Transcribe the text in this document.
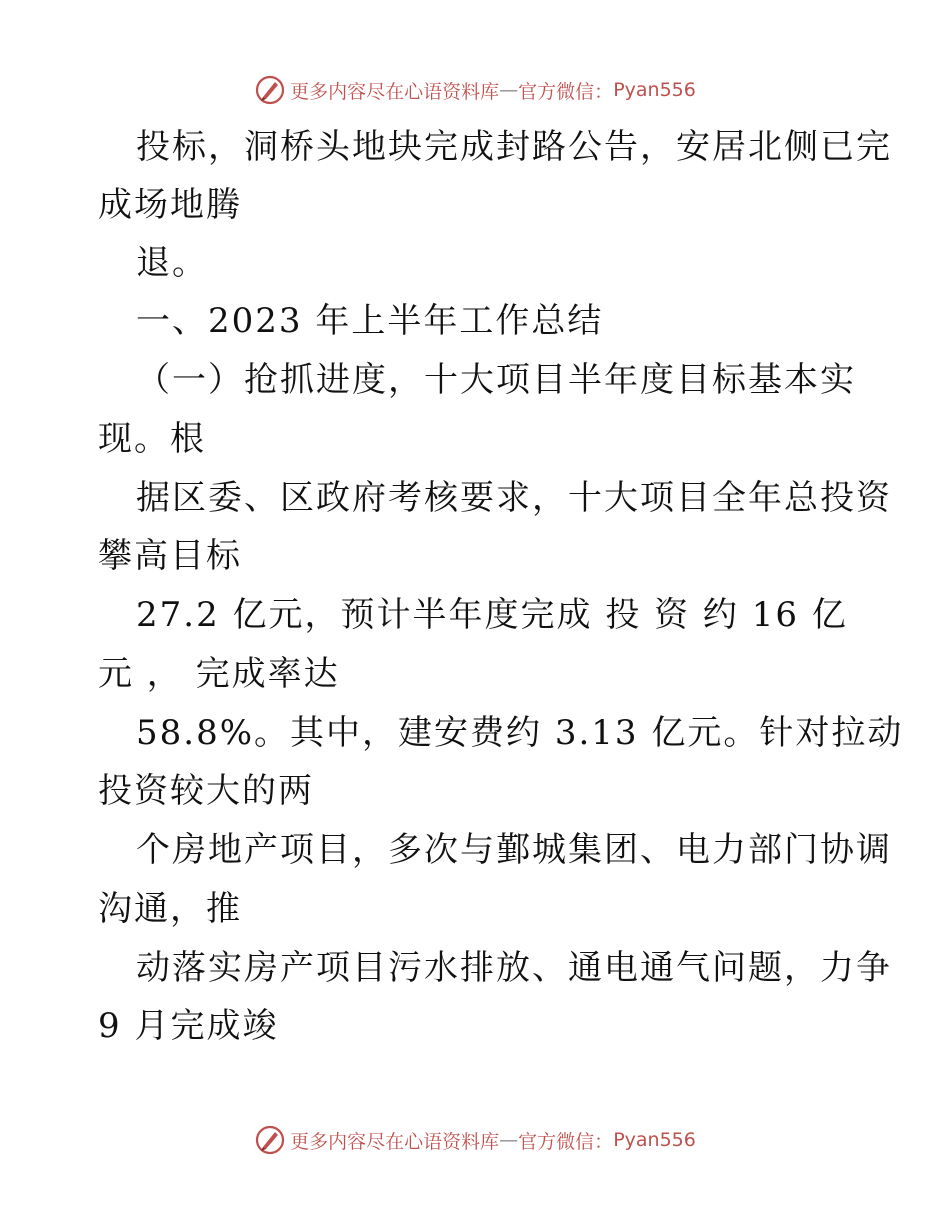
更多内容尽在心语资料库 — 官方微信： Pyan556
投标，洞桥头地块完成封路公告，安居北侧已完
成场地腾
退。
一、2023 年上半年工作总结
（一）抢抓进度，十大项目半年度目标基本实
现。根
据区委、区政府考核要求，十大项目全年总投资
攀高目标
27.2 亿元，预计半年度完成 投 资 约 16 亿
元 ， 完成率达
58.8%。其中，建安费约 3.13 亿元。针对拉动
投资较大的两
个房地产项目，多次与鄞城集团、电力部门协调
沟通，推
动落实房产项目污水排放、通电通气问题，力争
9 月完成竣
更多内容尽在心语资料库 — 官方微信： Pyan556
